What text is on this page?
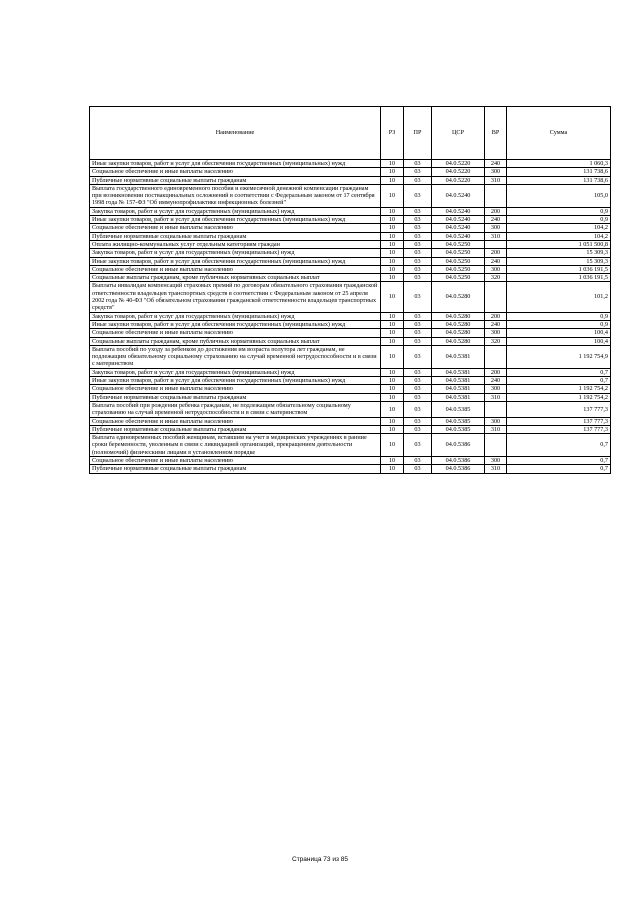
Наименование	РЗ	ПР	ЦСР	ВР	Сумма
Иные закупки товаров, работ и услуг для обеспечения государственных (муниципальных) нужд	10	03	04.0.5220	240	1 060,3
Социальное обеспечение и иные выплаты населению	10	03	04.0.5220	300	131 738,6
Публичные нормативные социальные выплаты гражданам	10	03	04.0.5220	310	131 738,6
Выплата государственного единовременного пособия и ежемесячной денежной компенсации гражданам при возникновении поствакцинальных осложнений в соответствии с Федеральным законом от 17 сентября 1998 года № 157-ФЗ "Об иммунопрофилактике инфекционных болезней"	10	03	04.0.5240		105,0
Закупка товаров, работ и услуг для государственных (муниципальных) нужд	10	03	04.0.5240	200	0,9
Иные закупки товаров, работ и услуг для обеспечения государственных (муниципальных) нужд	10	03	04.0.5240	240	0,9
Социальное обеспечение и иные выплаты населению	10	03	04.0.5240	300	104,2
Публичные нормативные социальные выплаты гражданам	10	03	04.0.5240	310	104,2
Оплата жилищно-коммунальных услуг отдельным категориям граждан	10	03	04.0.5250		1 051 500,8
Закупка товаров, работ и услуг для государственных (муниципальных) нужд	10	03	04.0.5250	200	15 309,3
Иные закупки товаров, работ и услуг для обеспечения государственных (муниципальных) нужд	10	03	04.0.5250	240	15 309,3
Социальное обеспечение и иные выплаты населению	10	03	04.0.5250	300	1 036 191,5
Социальные выплаты гражданам, кроме публичных нормативных социальных выплат	10	03	04.0.5250	320	1 036 191,5
Выплаты инвалидам компенсаций страховых премий по договорам обязательного страхования гражданской ответственности владельцев транспортных средств в соответствии с Федеральным законом от 25 апреля 2002 года № 40-ФЗ "Об обязательном страховании гражданской ответственности владельцев транспортных средств"	10	03	04.0.5280		101,2
Закупка товаров, работ и услуг для государственных (муниципальных) нужд	10	03	04.0.5280	200	0,9
Иные закупки товаров, работ и услуг для обеспечения государственных (муниципальных) нужд	10	03	04.0.5280	240	0,9
Социальное обеспечение и иные выплаты населению	10	03	04.0.5280	300	100,4
Социальные выплаты гражданам, кроме публичных нормативных социальных выплат	10	03	04.0.5280	320	100,4
Выплата пособий по уходу за ребенком до достижения им возраста полутора лет гражданам, не подлежащим обязательному социальному страхованию на случай временной нетрудоспособности и в связи с материнством	10	03	04.0.5381		1 192 754,9
Закупка товаров, работ и услуг для государственных (муниципальных) нужд	10	03	04.0.5381	200	0,7
Иные закупки товаров, работ и услуг для обеспечения государственных (муниципальных) нужд	10	03	04.0.5381	240	0,7
Социальное обеспечение и иные выплаты населению	10	03	04.0.5381	300	1 192 754,2
Публичные нормативные социальные выплаты гражданам	10	03	04.0.5381	310	1 192 754,2
Выплата пособий при рождении ребенка гражданам, не подлежащим обязательному социальному страхованию на случай временной нетрудоспособности и в связи с материнством	10	03	04.0.5385		137 777,3
Социальное обеспечение и иные выплаты населению	10	03	04.0.5385	300	137 777,3
Публичные нормативные социальные выплаты гражданам	10	03	04.0.5385	310	137 777,3
Выплата единовременных пособий женщинам, вставшим на учет в медицинских учреждениях в ранние сроки беременности, уволенным в связи с ликвидацией организаций, прекращением деятельности (полномочий) физическими лицами в установленном порядке	10	03	04.0.5386		0,7
Социальное обеспечение и иные выплаты населению	10	03	04.0.5386	300	0,7
Публичные нормативные социальные выплаты гражданам	10	03	04.0.5386	310	0,7
Страница 73 из 85
